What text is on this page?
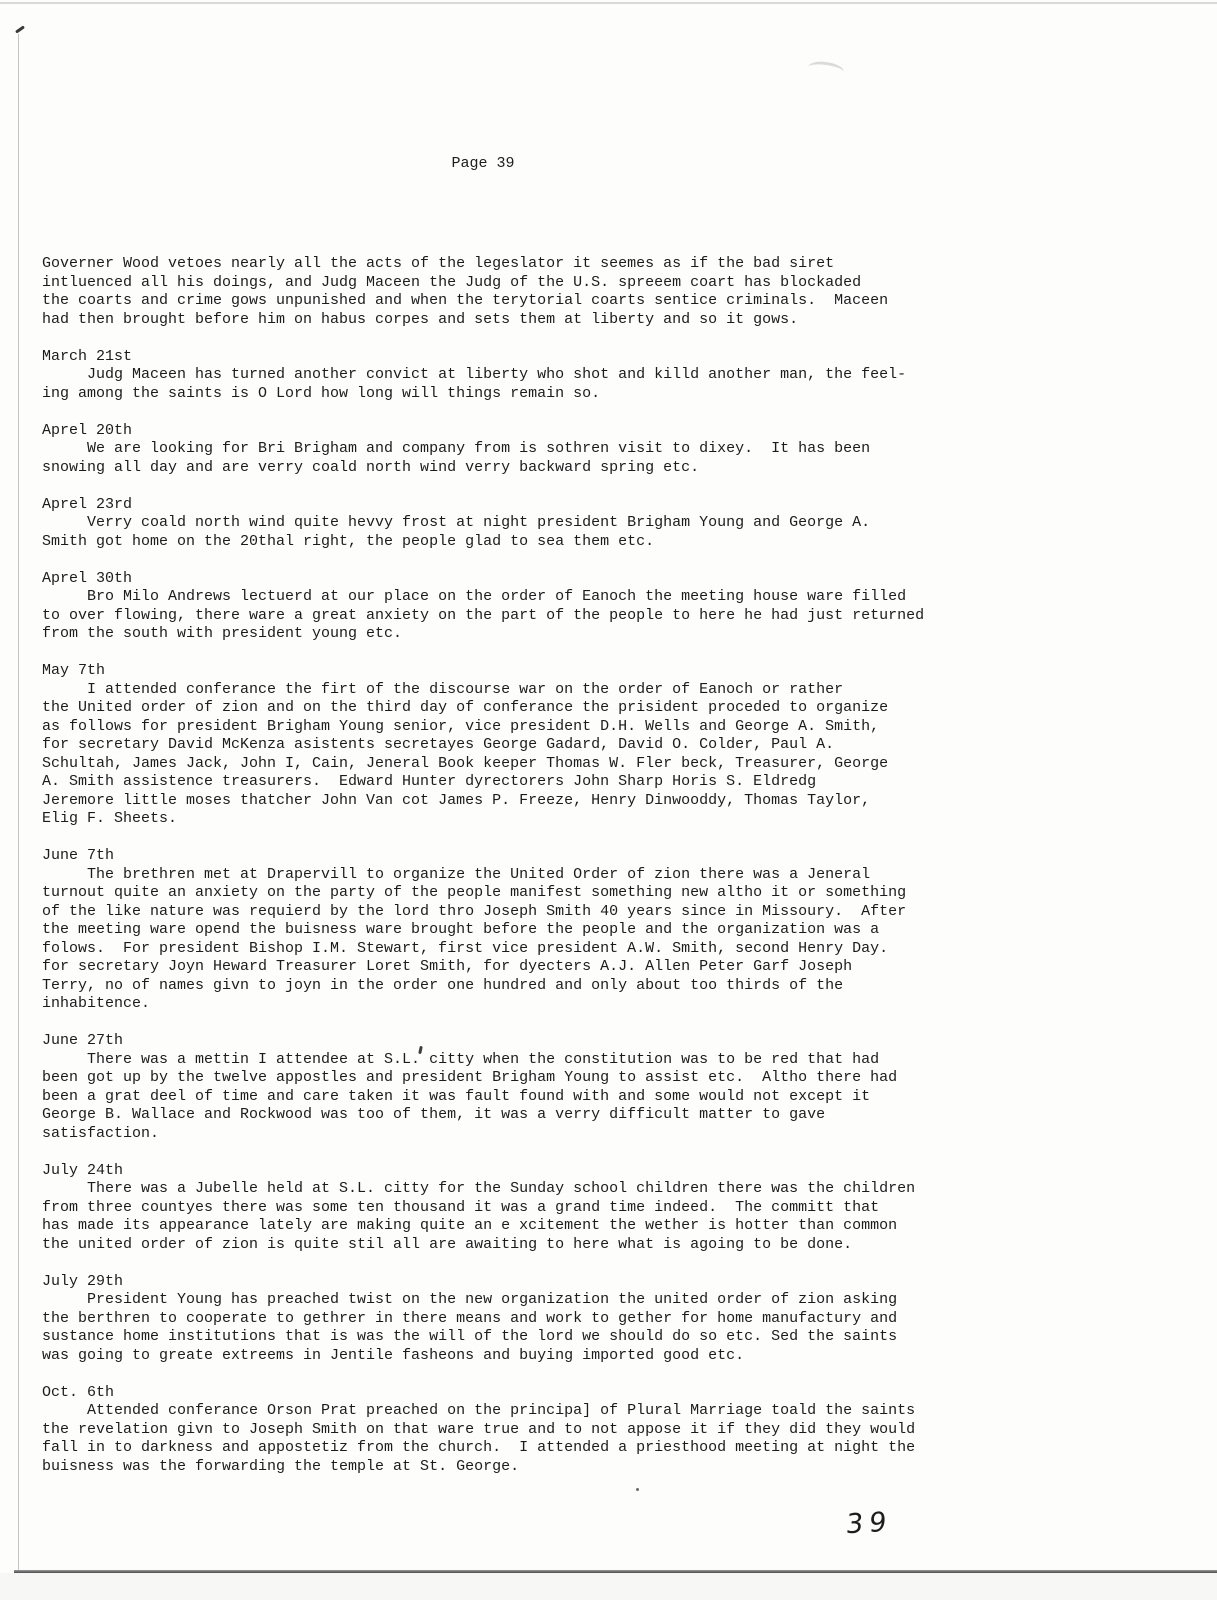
Page 39

Governer Wood vetoes nearly all the acts of the legeslator it seemes as if the bad siret
intluenced all his doings, and Judg Maceen the Judg of the U.S. spreeem coart has blockaded
the coarts and crime gows unpunished and when the terytorial coarts sentice criminals.  Maceen
had then brought before him on habus corpes and sets them at liberty and so it gows.
March 21st
Judg Maceen has turned another convict at liberty who shot and killd another man, the feel-
ing among the saints is O Lord how long will things remain so.
Aprel 20th
We are looking for Bri Brigham and company from is sothren visit to dixey.  It has been
snowing all day and are verry coald north wind verry backward spring etc.
Aprel 23rd
Verry coald north wind quite hevvy frost at night president Brigham Young and George A.
Smith got home on the 20thal right, the people glad to sea them etc.
Aprel 30th
Bro Milo Andrews lectuerd at our place on the order of Eanoch the meeting house ware filled
to over flowing, there ware a great anxiety on the part of the people to here he had just returned
from the south with president young etc.
May 7th
I attended conferance the firt of the discourse war on the order of Eanoch or rather
the United order of zion and on the third day of conferance the prisident proceded to organize
as follows for president Brigham Young senior, vice president D.H. Wells and George A. Smith,
for secretary David McKenza asistents secretayes George Gadard, David O. Colder, Paul A.
Schultah, James Jack, John I, Cain, Jeneral Book keeper Thomas W. Fler beck, Treasurer, George
A. Smith assistence treasurers.  Edward Hunter dyrectorers John Sharp Horis S. Eldredg
Jeremore little moses thatcher John Van cot James P. Freeze, Henry Dinwooddy, Thomas Taylor,
Elig F. Sheets.
June 7th
The brethren met at Drapervill to organize the United Order of zion there was a Jeneral
turnout quite an anxiety on the party of the people manifest something new altho it or something
of the like nature was requierd by the lord thro Joseph Smith 40 years since in Missoury.  After
the meeting ware opend the buisness ware brought before the people and the organization was a
folows.  For president Bishop I.M. Stewart, first vice president A.W. Smith, second Henry Day.
for secretary Joyn Heward Treasurer Loret Smith, for dyecters A.J. Allen Peter Garf Joseph
Terry, no of names givn to joyn in the order one hundred and only about too thirds of the
inhabitence.
June 27th
There was a mettin I attendee at S.L. citty when the constitution was to be red that had
been got up by the twelve appostles and president Brigham Young to assist etc.  Altho there had
been a grat deel of time and care taken it was fault found with and some would not except it
George B. Wallace and Rockwood was too of them, it was a verry difficult matter to gave
satisfaction.
July 24th
There was a Jubelle held at S.L. citty for the Sunday school children there was the children
from three countyes there was some ten thousand it was a grand time indeed.  The committ that
has made its appearance lately are making quite an e xcitement the wether is hotter than common
the united order of zion is quite stil all are awaiting to here what is agoing to be done.
July 29th
President Young has preached twist on the new organization the united order of zion asking
the berthren to cooperate to gethrer in there means and work to gether for home manufactury and
sustance home institutions that is was the will of the lord we should do so etc. Sed the saints
was going to greate extreems in Jentile fasheons and buying imported good etc.
Oct. 6th
Attended conferance Orson Prat preached on the principa] of Plural Marriage toald the saints
the revelation givn to Joseph Smith on that ware true and to not appose it if they did they would
fall in to darkness and appostetiz from the church.  I attended a priesthood meeting at night the
buisness was the forwarding the temple at St. George.
39
